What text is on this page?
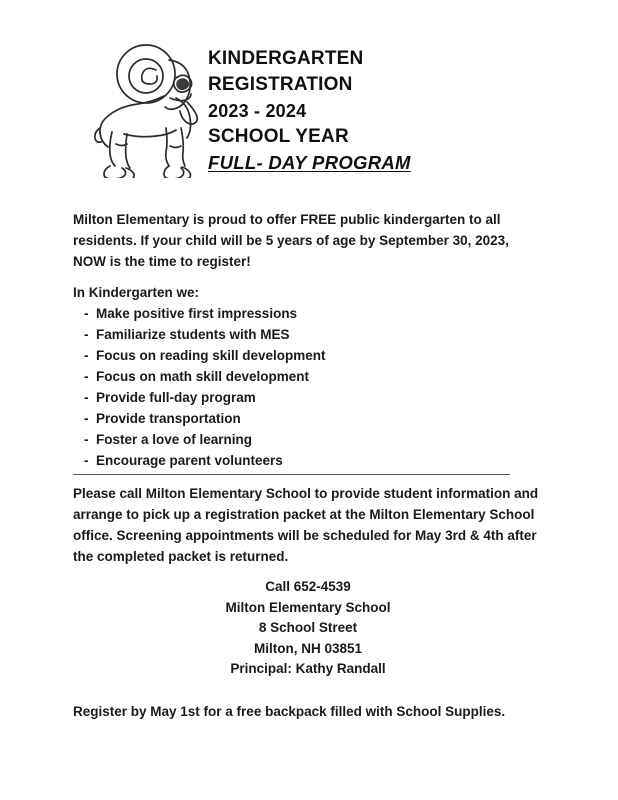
KINDERGARTEN
REGISTRATION
2023 - 2024
SCHOOL YEAR
FULL- DAY PROGRAM
Milton Elementary is proud to offer FREE public kindergarten to all residents. If your child will be 5 years of age by September 30, 2023, NOW is the time to register!
In Kindergarten we:
- Make positive first impressions
- Familiarize students with MES
- Focus on reading skill development
- Focus on math skill development
- Provide full-day program
- Provide transportation
- Foster a love of learning
- Encourage parent volunteers
Please call Milton Elementary School to provide student information and arrange to pick up a registration packet at the Milton Elementary School office. Screening appointments will be scheduled for May 3rd & 4th after the completed packet is returned.
Call 652-4539
Milton Elementary School
8 School Street
Milton, NH 03851
Principal: Kathy Randall
Register by May 1st for a free backpack filled with School Supplies.
